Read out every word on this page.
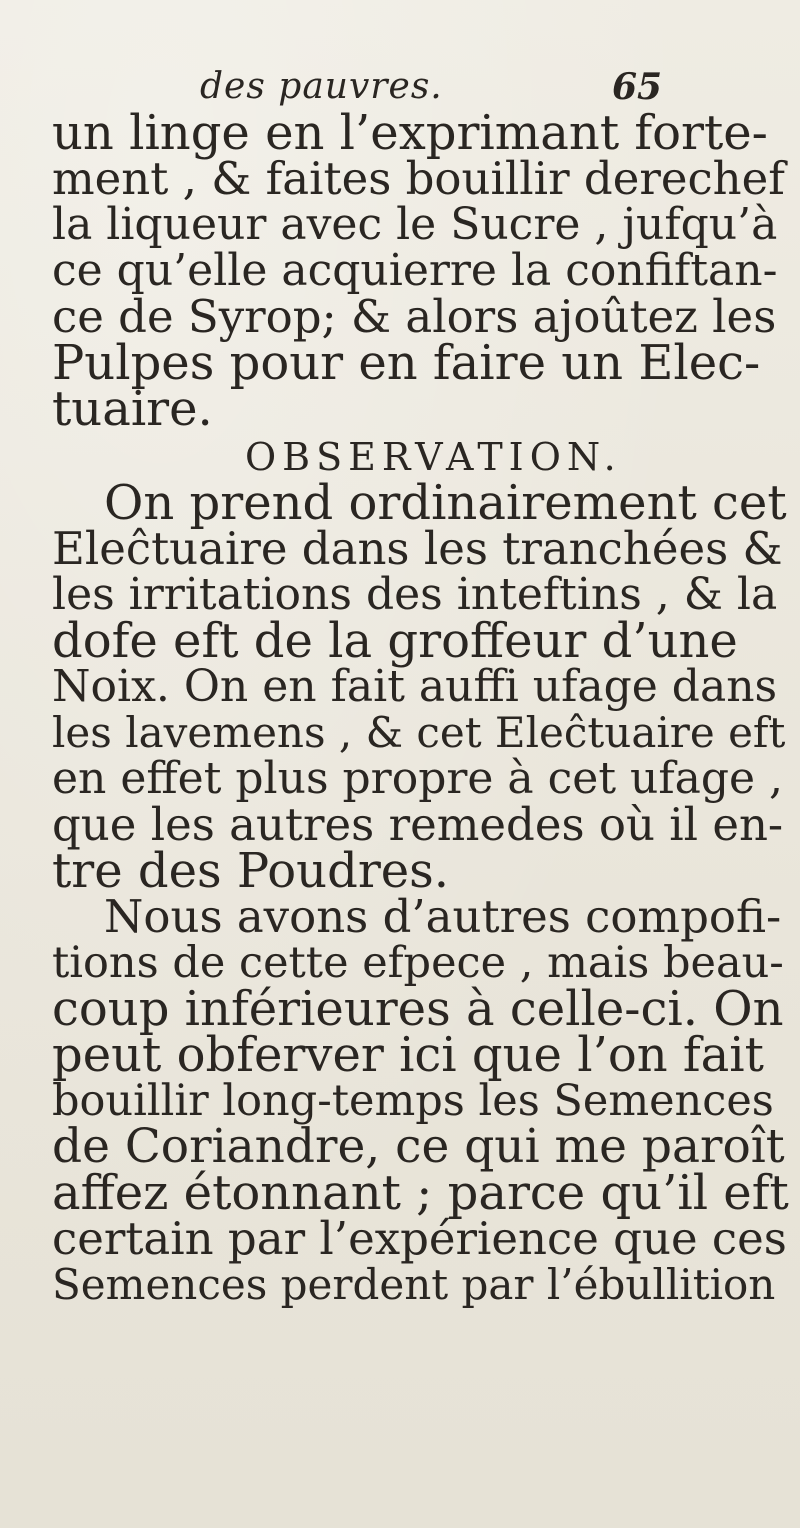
des pauvres.	65
un linge en l’exprimant forte-
ment , & faites bouillir derechef
la liqueur avec le Sucre , jufqu’à
ce qu’elle acquierre la confiftan-
ce de Syrop; & alors ajoûtez les
Pulpes pour en faire un Elec-
tuaire.
OBSERVATION.
On prend ordinairement cet
Eleĉtuaire dans les tranchées &
les irritations des inteftins , & la
dofe eft de la groffeur d’une
Noix. On en fait auffi ufage dans
les lavemens , & cet Eleĉtuaire eft
en effet plus propre à cet ufage ,
que les autres remedes où il en-
tre des Poudres.
Nous avons d’autres compofi-
tions de cette efpece , mais beau-
coup inférieures à celle-ci. On
peut obferver ici que l’on fait
bouillir long-temps les Semences
de Coriandre, ce qui me paroît
affez étonnant ; parce qu’il eft
certain par l’expérience que ces
Semences perdent par l’ébullition
